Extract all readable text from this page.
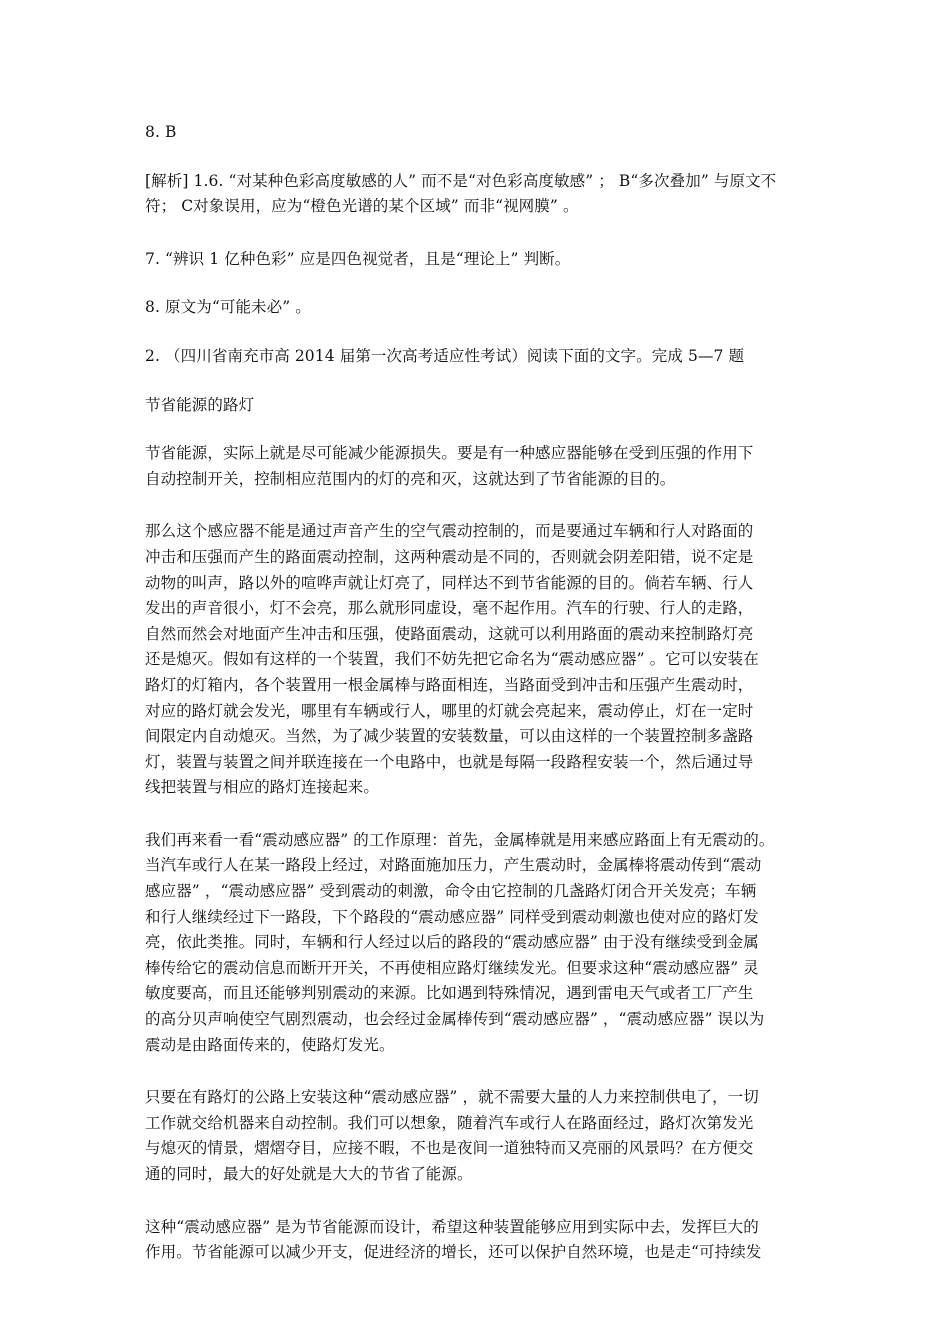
8. B

[解析] 1.6. “对某种色彩高度敏感的人” 而不是“对色彩高度敏感” ； B“多次叠加” 与原文不
符； C对象误用，应为“橙色光谱的某个区域” 而非“视网膜” 。

7. “辨识 1 亿种色彩” 应是四色视觉者，且是“理论上” 判断。

8. 原文为“可能未必” 。

2. （四川省南充市高 2014 届第一次高考适应性考试）阅读下面的文字。完成 5—7 题

节省能源的路灯

节省能源，实际上就是尽可能减少能源损失。要是有一种感应器能够在受到压强的作用下
自动控制开关，控制相应范围内的灯的亮和灭，这就达到了节省能源的目的。

那么这个感应器不能是通过声音产生的空气震动控制的，而是要通过车辆和行人对路面的
冲击和压强而产生的路面震动控制，这两种震动是不同的，否则就会阴差阳错，说不定是
动物的叫声，路以外的喧哗声就让灯亮了，同样达不到节省能源的目的。倘若车辆、行人
发出的声音很小，灯不会亮，那么就形同虚设，毫不起作用。汽车的行驶、行人的走路，
自然而然会对地面产生冲击和压强，使路面震动，这就可以利用路面的震动来控制路灯亮
还是熄灭。假如有这样的一个装置，我们不妨先把它命名为“震动感应器” 。它可以安装在
路灯的灯箱内，各个装置用一根金属棒与路面相连，当路面受到冲击和压强产生震动时，
对应的路灯就会发光，哪里有车辆或行人，哪里的灯就会亮起来，震动停止，灯在一定时
间限定内自动熄灭。当然，为了减少装置的安装数量，可以由这样的一个装置控制多盏路
灯，装置与装置之间并联连接在一个电路中，也就是每隔一段路程安装一个，然后通过导
线把装置与相应的路灯连接起来。

我们再来看一看“震动感应器” 的工作原理：首先，金属棒就是用来感应路面上有无震动的。
当汽车或行人在某一路段上经过，对路面施加压力，产生震动时，金属棒将震动传到“震动
感应器” ，“震动感应器” 受到震动的刺激，命令由它控制的几盏路灯闭合开关发亮；车辆
和行人继续经过下一路段，下个路段的“震动感应器” 同样受到震动刺激也使对应的路灯发
亮，依此类推。同时，车辆和行人经过以后的路段的“震动感应器” 由于没有继续受到金属
棒传给它的震动信息而断开开关，不再使相应路灯继续发光。但要求这种“震动感应器” 灵
敏度要高，而且还能够判别震动的来源。比如遇到特殊情况，遇到雷电天气或者工厂产生
的高分贝声响使空气剧烈震动，也会经过金属棒传到“震动感应器” ，“震动感应器” 误以为
震动是由路面传来的，使路灯发光。

只要在有路灯的公路上安装这种“震动感应器” ，就不需要大量的人力来控制供电了，一切
工作就交给机器来自动控制。我们可以想象，随着汽车或行人在路面经过，路灯次第发光
与熄灭的情景，熠熠夺目，应接不暇，不也是夜间一道独特而又亮丽的风景吗？在方便交
通的同时，最大的好处就是大大的节省了能源。

这种“震动感应器” 是为节省能源而设计，希望这种装置能够应用到实际中去，发挥巨大的
作用。节省能源可以减少开支，促进经济的增长，还可以保护自然环境，也是走“可持续发
